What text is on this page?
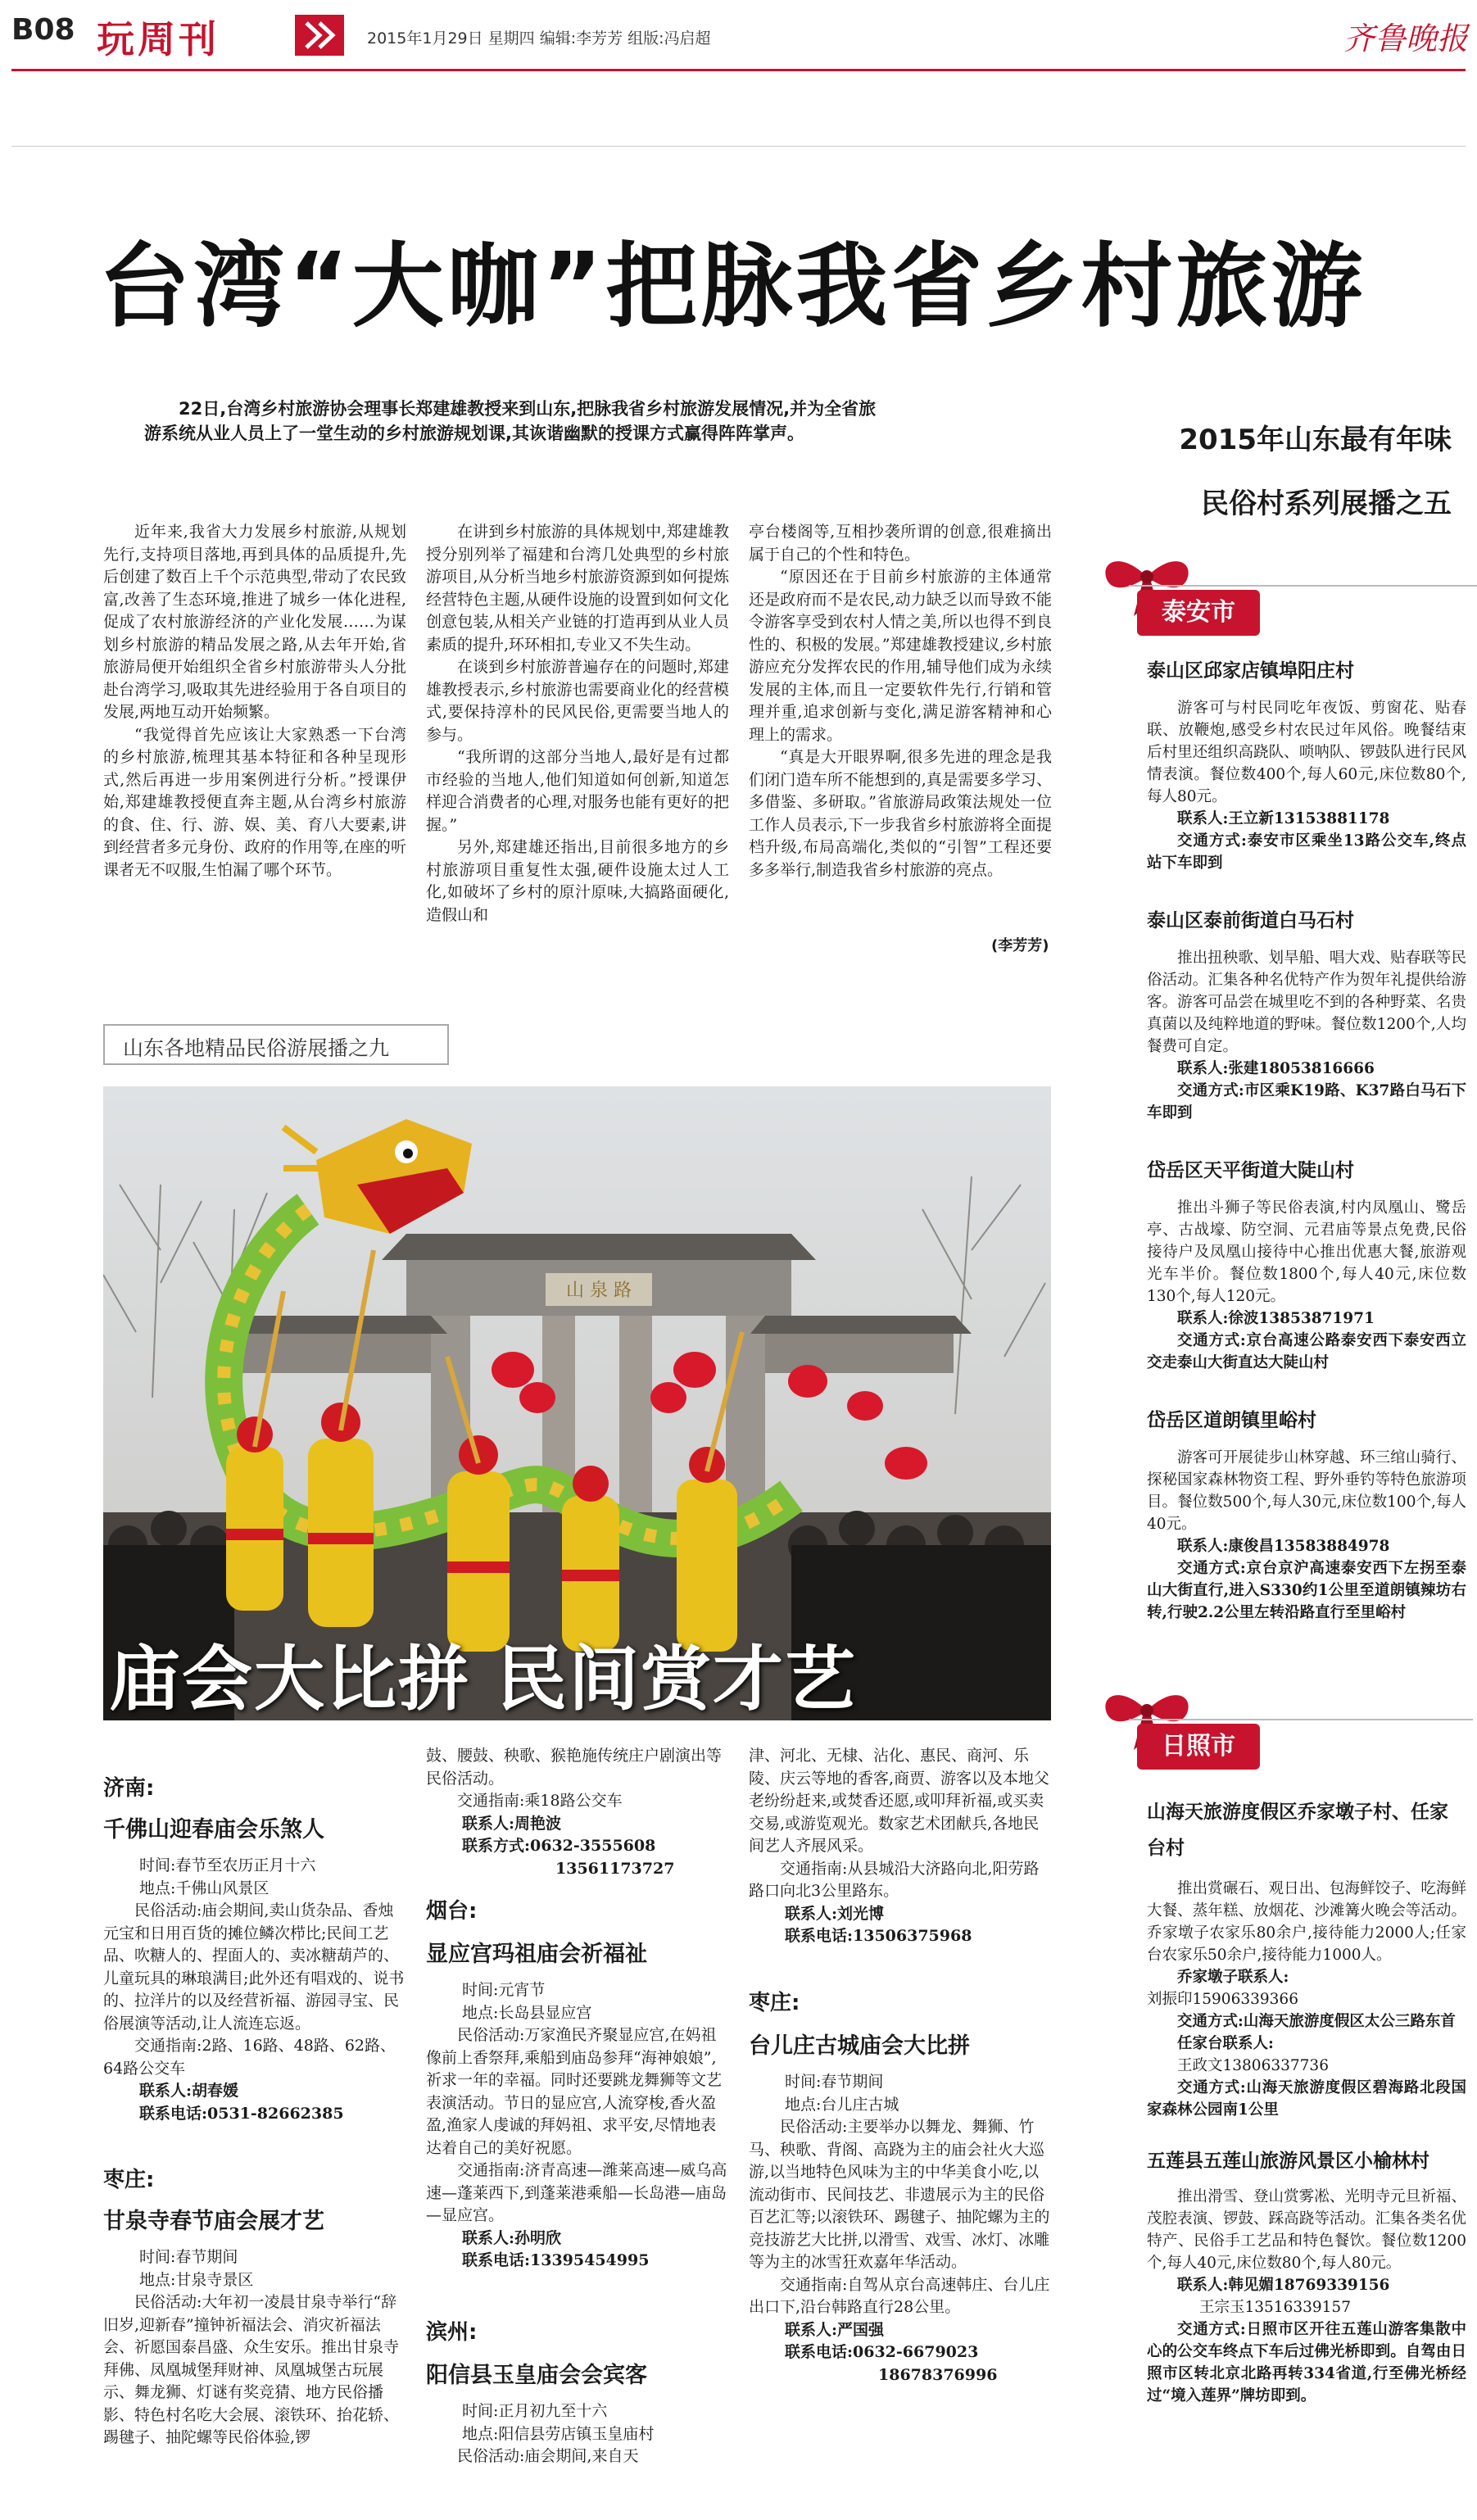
B08 玩周刊	2015年1月29日 星期四 编辑:李芳芳 组版:冯启超	齐鲁晚报
台湾“大咖”把脉我省乡村旅游

22日,台湾乡村旅游协会理事长郑建雄教授来到山东,把脉我省乡村旅游发展情况,并为全省旅游系统从业人员上了一堂生动的乡村旅游规划课,其诙谐幽默的授课方式赢得阵阵掌声。

近年来,我省大力发展乡村旅游,从规划先行,支持项目落地,再到具体的品质提升,先后创建了数百上千个示范典型,带动了农民致富,改善了生态环境,推进了城乡一体化进程,促成了农村旅游经济的产业化发展……为谋划乡村旅游的精品发展之路,从去年开始,省旅游局便开始组织全省乡村旅游带头人分批赴台湾学习,吸取其先进经验用于各自项目的发展,两地互动开始频繁。

“我觉得首先应该让大家熟悉一下台湾的乡村旅游,梳理其基本特征和各种呈现形式,然后再进一步用案例进行分析。”授课伊始,郑建雄教授便直奔主题,从台湾乡村旅游的食、住、行、游、娱、美、育八大要素,讲到经营者多元身份、政府的作用等,在座的听课者无不叹服,生怕漏了哪个环节。

在讲到乡村旅游的具体规划中,郑建雄教授分别列举了福建和台湾几处典型的乡村旅游项目,从分析当地乡村旅游资源到如何提炼经营特色主题,从硬件设施的设置到如何文化创意包装,从相关产业链的打造再到从业人员素质的提升,环环相扣,专业又不失生动。

在谈到乡村旅游普遍存在的问题时,郑建雄教授表示,乡村旅游也需要商业化的经营模式,要保持淳朴的民风民俗,更需要当地人的参与。

“我所谓的这部分当地人,最好是有过都市经验的当地人,他们知道如何创新,知道怎样迎合消费者的心理,对服务也能有更好的把握。”

另外,郑建雄还指出,目前很多地方的乡村旅游项目重复性太强,硬件设施太过人工化,如破坏了乡村的原汁原味,大搞路面硬化,造假山和

亭台楼阁等,互相抄袭所谓的创意,很难摘出属于自己的个性和特色。

“原因还在于目前乡村旅游的主体通常还是政府而不是农民,动力缺乏以而导致不能令游客享受到农村人情之美,所以也得不到良性的、积极的发展。”郑建雄教授建议,乡村旅游应充分发挥农民的作用,辅导他们成为永续发展的主体,而且一定要软件先行,行销和管理并重,追求创新与变化,满足游客精神和心理上的需求。

“真是大开眼界啊,很多先进的理念是我们闭门造车所不能想到的,真是需要多学习、多借鉴、多研取。”省旅游局政策法规处一位工作人员表示,下一步我省乡村旅游将全面提档升级,布局高端化,类似的“引智”工程还要多多举行,制造我省乡村旅游的亮点。

(李芳芳)
2015年山东最有年味
民俗村系列展播之五
山东各地精品民俗游展播之九
山 泉 路
庙会大比拼 民间赏才艺
济南:
千佛山迎春庙会乐煞人
时间:春节至农历正月十六
地点:千佛山风景区
民俗活动:庙会期间,卖山货杂品、香烛元宝和日用百货的摊位鳞次栉比;民间工艺品、吹糖人的、捏面人的、卖冰糖葫芦的、儿童玩具的琳琅满目;此外还有唱戏的、说书的、拉洋片的以及经营祈福、游园寻宝、民俗展演等活动,让人流连忘返。
交通指南:2路、16路、48路、62路、64路公交车
联系人:胡春媛
联系电话:0531-82662385
枣庄:
甘泉寺春节庙会展才艺
时间:春节期间
地点:甘泉寺景区
民俗活动:大年初一凌晨甘泉寺举行“辞旧岁,迎新春”撞钟祈福法会、消灾祈福法会、祈愿国泰昌盛、众生安乐。推出甘泉寺拜佛、凤凰城堡拜财神、凤凰城堡古玩展示、舞龙狮、灯谜有奖竞猜、地方民俗播影、特色村名吃大会展、滚铁环、抬花轿、踢毽子、抽陀螺等民俗体验,锣
鼓、腰鼓、秧歌、猴艳施传统庄户剧演出等民俗活动。
交通指南:乘18路公交车
联系人:周艳波
联系方式:0632-3555608
13561173727
烟台:
显应宫玛祖庙会祈福祉
时间:元宵节
地点:长岛县显应宫
民俗活动:万家渔民齐聚显应宫,在妈祖像前上香祭拜,乘船到庙岛参拜“海神娘娘”,祈求一年的幸福。同时还要跳龙舞狮等文艺表演活动。节日的显应宫,人流穿梭,香火盈盈,渔家人虔诚的拜妈祖、求平安,尽情地表达着自己的美好祝愿。
交通指南:济青高速—潍莱高速—威乌高速—蓬莱西下,到蓬莱港乘船—长岛港—庙岛—显应宫。
联系人:孙明欣
联系电话:13395454995
滨州:
阳信县玉皇庙会会宾客
时间:正月初九至十六
地点:阳信县劳店镇玉皇庙村
民俗活动:庙会期间,来自天
津、河北、无棣、沾化、惠民、商河、乐陵、庆云等地的香客,商贾、游客以及本地父老纷纷赶来,或焚香还愿,或叩拜祈福,或买卖交易,或游览观光。数家艺术团献兵,各地民间艺人齐展风采。
交通指南:从县城沿大济路向北,阳劳路路口向北3公里路东。
联系人:刘光博
联系电话:13506375968
枣庄:
台儿庄古城庙会大比拼
时间:春节期间
地点:台儿庄古城
民俗活动:主要举办以舞龙、舞狮、竹马、秧歌、背阁、高跷为主的庙会社火大巡游,以当地特色风味为主的中华美食小吃,以流动街市、民间技艺、非遗展示为主的民俗百艺汇等;以滚铁环、踢毽子、抽陀螺为主的竞技游艺大比拼,以滑雪、戏雪、冰灯、冰雕等为主的冰雪狂欢嘉年华活动。
交通指南:自驾从京台高速韩庄、台儿庄出口下,沿台韩路直行28公里。
联系人:严国强
联系电话:0632-6679023
18678376996
泰安市
泰山区邱家店镇埠阳庄村

游客可与村民同吃年夜饭、剪窗花、贴春联、放鞭炮,感受乡村农民过年风俗。晚餐结束后村里还组织高跷队、唢呐队、锣鼓队进行民风情表演。餐位数400个,每人60元,床位数80个,每人80元。

联系人:王立新13153881178

交通方式:泰安市区乘坐13路公交车,终点站下车即到

泰山区泰前街道白马石村

推出扭秧歌、划旱船、唱大戏、贴春联等民俗活动。汇集各种名优特产作为贺年礼提供给游客。游客可品尝在城里吃不到的各种野菜、名贵真菌以及纯粹地道的野味。餐位数1200个,人均餐费可自定。

联系人:张建18053816666

交通方式:市区乘K19路、K37路白马石下车即到

岱岳区天平街道大陡山村

推出斗狮子等民俗表演,村内凤凰山、鹭岳亭、古战壕、防空洞、元君庙等景点免费,民俗接待户及凤凰山接待中心推出优惠大餐,旅游观光车半价。餐位数1800个,每人40元,床位数130个,每人120元。

联系人:徐波13853871971

交通方式:京台高速公路泰安西下泰安西立交走泰山大街直达大陡山村

岱岳区道朗镇里峪村

游客可开展徒步山林穿越、环三绾山骑行、探秘国家森林物资工程、野外垂钓等特色旅游项目。餐位数500个,每人30元,床位数100个,每人40元。

联系人:康俊昌13583884978

交通方式:京台京沪高速泰安西下左拐至泰山大街直行,进入S330约1公里至道朗镇辣坊右转,行驶2.2公里左转沿路直行至里峪村

日照市
山海天旅游度假区乔家墩子村、任家台村

推出赏碾石、观日出、包海鲜饺子、吃海鲜大餐、蒸年糕、放烟花、沙滩篝火晚会等活动。乔家墩子农家乐80余户,接待能力2000人;任家台农家乐50余户,接待能力1000人。

乔家墩子联系人:

刘振印15906339366

交通方式:山海天旅游度假区太公三路东首

任家台联系人:

王政文13806337736

交通方式:山海天旅游度假区碧海路北段国家森林公园南1公里

五莲县五莲山旅游风景区小榆林村

推出滑雪、登山赏雾凇、光明寺元旦祈福、茂腔表演、锣鼓、踩高跷等活动。汇集各类名优特产、民俗手工艺品和特色餐饮。餐位数1200个,每人40元,床位数80个,每人80元。

联系人:韩见媚18769339156

王宗玉13516339157

交通方式:日照市区开往五莲山游客集散中心的公交车终点下车后过佛光桥即到。自驾由日照市区转北京北路再转334省道,行至佛光桥经过“境入莲界”牌坊即到。
